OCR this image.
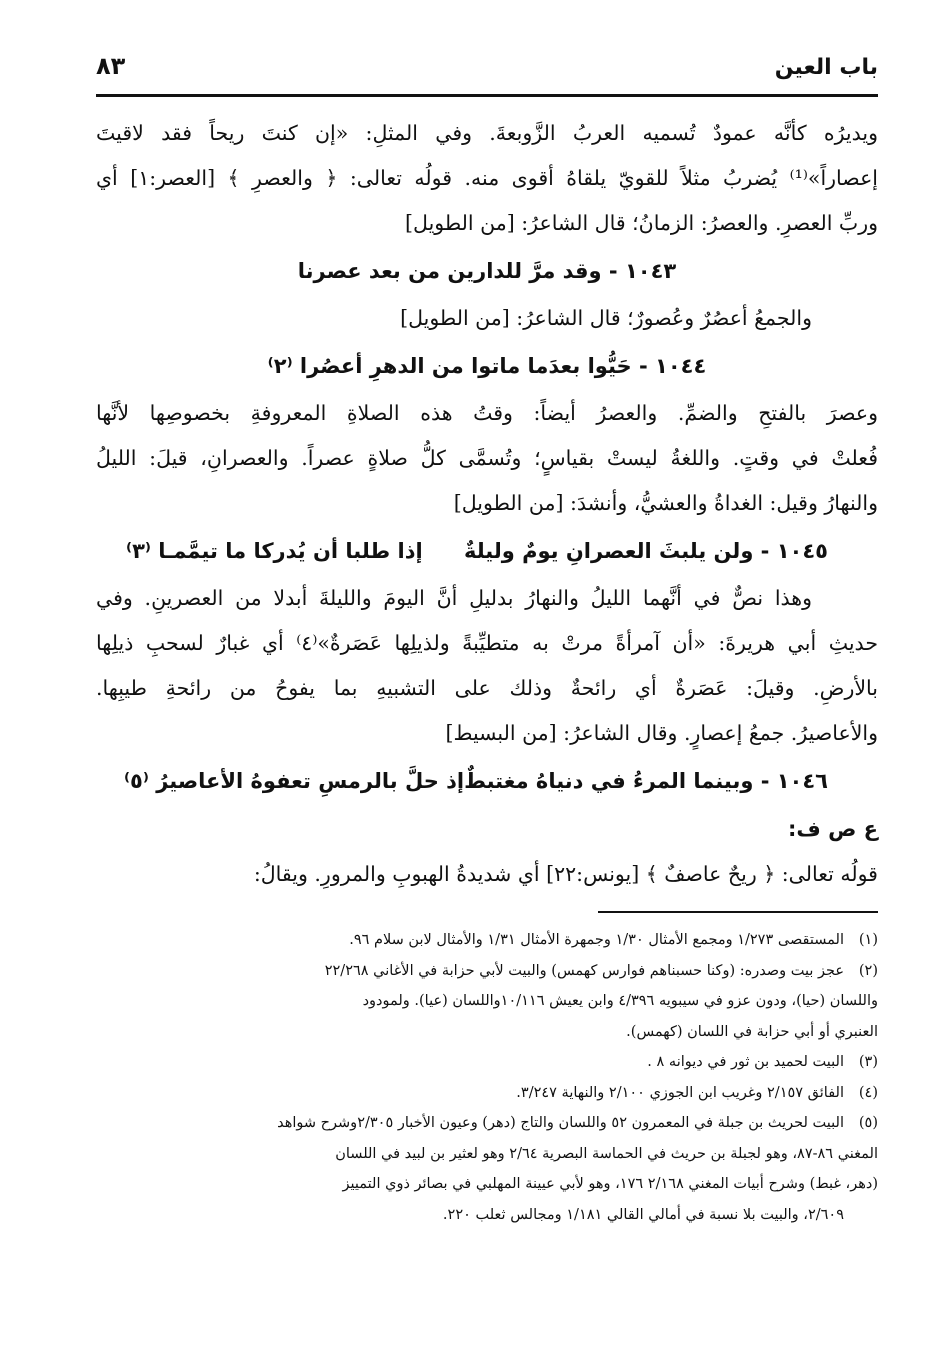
باب العين
٨٣
ويديرُه كأنَّه عمودٌ تُسميه العربُ الزَّوبعةَ. وفي المثلِ: «إن كنتَ ريحاً فقد لاقيتَ
إعصاراً»⁽¹⁾ يُضربُ مثلاً للقويّ يلقاهُ أقوى منه. قولُه تعالى: ﴿ والعصرِ ﴾ [العصر:١] أي
وربِّ العصرِ. والعصرُ: الزمانُ؛ قال الشاعرُ: [من الطويل]
١٠٤٣ - وقد مرَّ للدارين من بعد عصرنا
والجمعُ أعصُرٌ وعُصورٌ؛ قال الشاعرُ: [من الطويل]
١٠٤٤ - حَيُّوا بعدَما ماتوا من الدهرِ أعصُرا ⁽٢⁾
وعصرَ بالفتحِ والضمِّ. والعصرُ أيضاً: وقتُ هذه الصلاةِ المعروفةِ بخصوصِها لأنَّها
فُعلتْ في وقتٍ. واللغةُ ليستْ بقياسٍ؛ وتُسمَّى كلُّ صلاةٍ عصراً. والعصرانِ، قيلَ: الليلُ
والنهارُ وقيل: الغداةُ والعشيُّ، وأنشدَ: [من الطويل]
١٠٤٥ - ولن يلبثَ العصرانِ يومٌ وليلةٌ
إذا طلبا أن يُدركا ما تيمَّمـا ⁽٣⁾
وهذا نصٌّ في أنَّهما الليلُ والنهارُ بدليلِ أنَّ اليومَ والليلةَ أبدلا من العصرينِ. وفي
حديثِ أبي هريرةَ: «أن آمرأةً مرتْ به متطيِّبةً ولذيلِها عَصَرةٌ»⁽٤⁾ أي غبارٌ لسحبِ ذيلِها
بالأرضِ. وقيلَ: عَصَرةٌ أي رائحةٌ وذلك على التشبيهِ بما يفوحُ من رائحةِ طيبِها.
والأعاصيرُ. جمعُ إعصارٍ. وقال الشاعرُ: [من البسيط]
١٠٤٦ - وبينما المرءُ في دنياهُ مغتبطٌ
إذ حلَّ بالرمسِ تعفوهُ الأعاصيرُ ⁽٥⁾
ع ص ف:
قولُه تعالى: ﴿ ريحٌ عاصفٌ ﴾ [يونس:٢٢] أي شديدةُ الهبوبِ والمرورِ. ويقالُ:
(١)المستقصى ١/٢٧٣ ومجمع الأمثال ١/٣٠ وجمهرة الأمثال ١/٣١ والأمثال لابن سلام ٩٦.
(٢)عجز بيت وصدره: (وكنا حسبناهم فوارس كهمس) والبيت لأبي حزابة في الأغاني ٢٢/٢٦٨
واللسان (حيا)، ودون عزو في سيبويه ٤/٣٩٦ وابن يعيش ١٠/١١٦واللسان (عيا). ولمودود
العنبري أو أبي حزابة في اللسان (كهمس).
(٣)البيت لحميد بن ثور في ديوانه ٨ .
(٤)الفائق ٢/١٥٧ وغريب ابن الجوزي ٢/١٠٠ والنهاية ٣/٢٤٧.
(٥)البيت لحريث بن جبلة في المعمرون ٥٢ واللسان والتاج (دهر) وعيون الأخبار ٢/٣٠٥وشرح شواهد
المغني ٨٦-٨٧، وهو لجبلة بن حريث في الحماسة البصرية ٢/٦٤ وهو لعثير بن لبيد في اللسان
(دهر، غبط) وشرح أبيات المغني ٢/١٦٨ ١٧٦، وهو لأبي عيينة المهلبي في بصائر ذوي التمييز
٢/٦٠٩، والبيت بلا نسبة في أمالي القالي ١/١٨١ ومجالس ثعلب ٢٢٠.
